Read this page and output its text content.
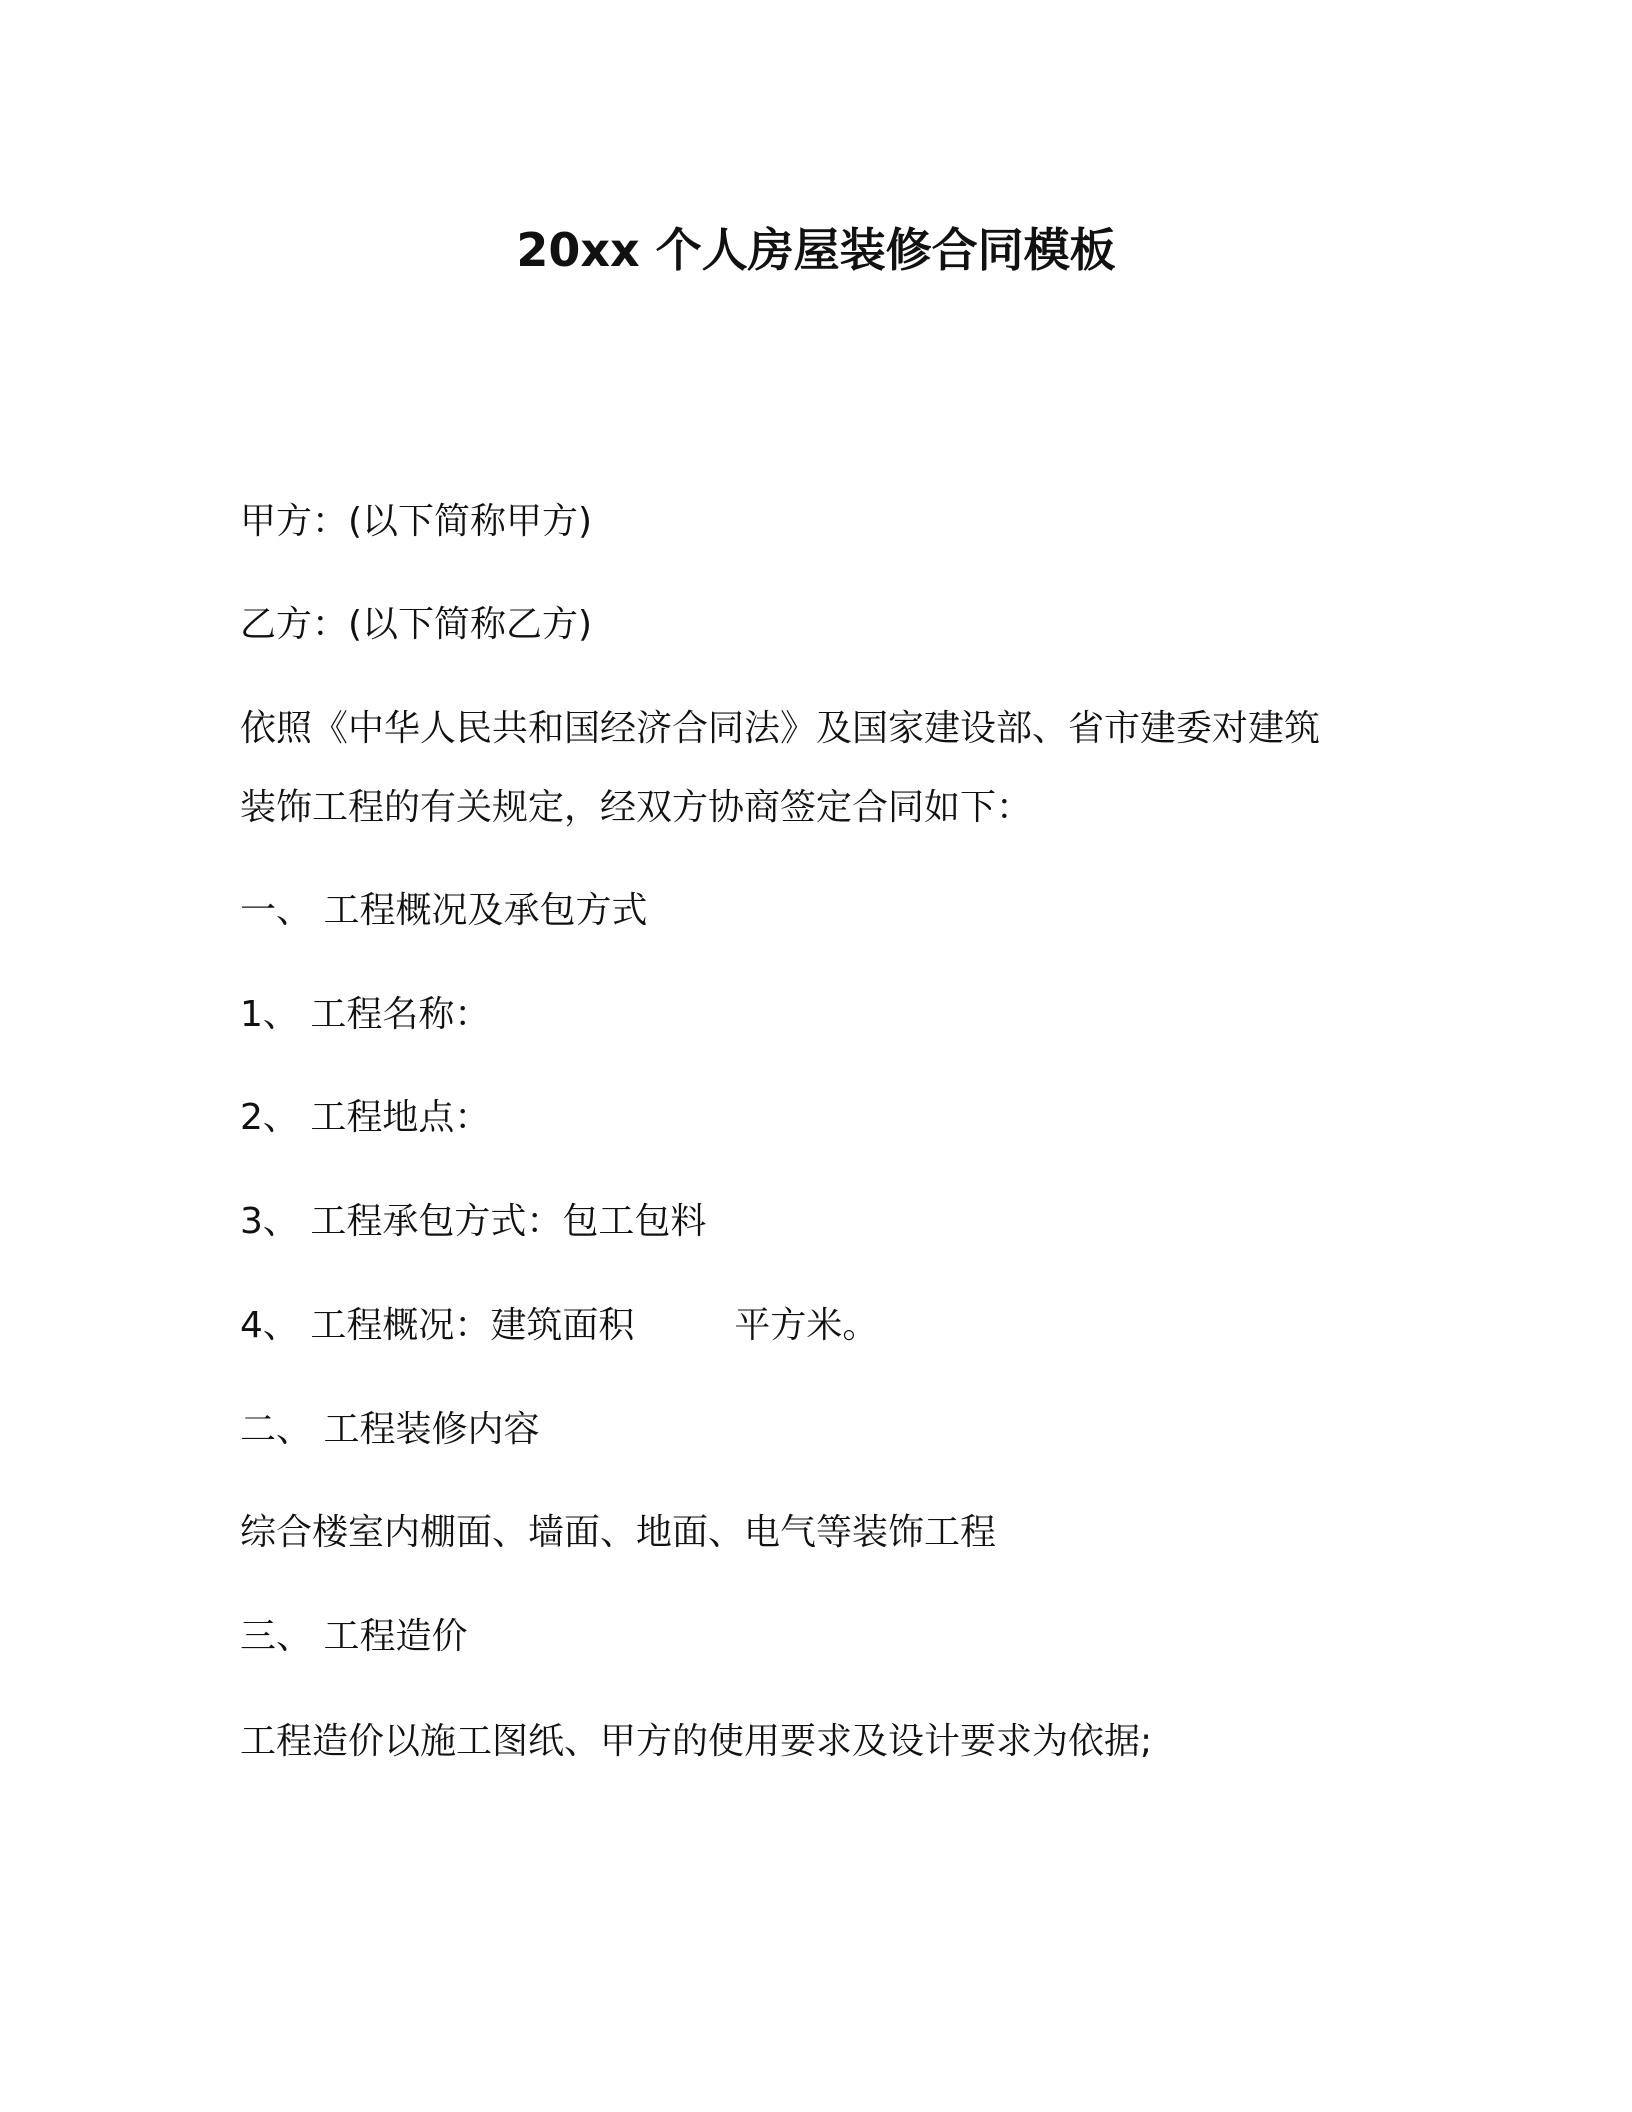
20xx 个人房屋装修合同模板
甲方：(以下简称甲方)
乙方：(以下简称乙方)
依照《中华人民共和国经济合同法》及国家建设部、省市建委对建筑
装饰工程的有关规定，经双方协商签定合同如下：
一、 工程概况及承包方式
1、 工程名称：
2、 工程地点：
3、 工程承包方式：包工包料
4、 工程概况：建筑面积	平方米。
二、 工程装修内容
综合楼室内棚面、墙面、地面、电气等装饰工程
三、 工程造价
工程造价以施工图纸、甲方的使用要求及设计要求为依据;
